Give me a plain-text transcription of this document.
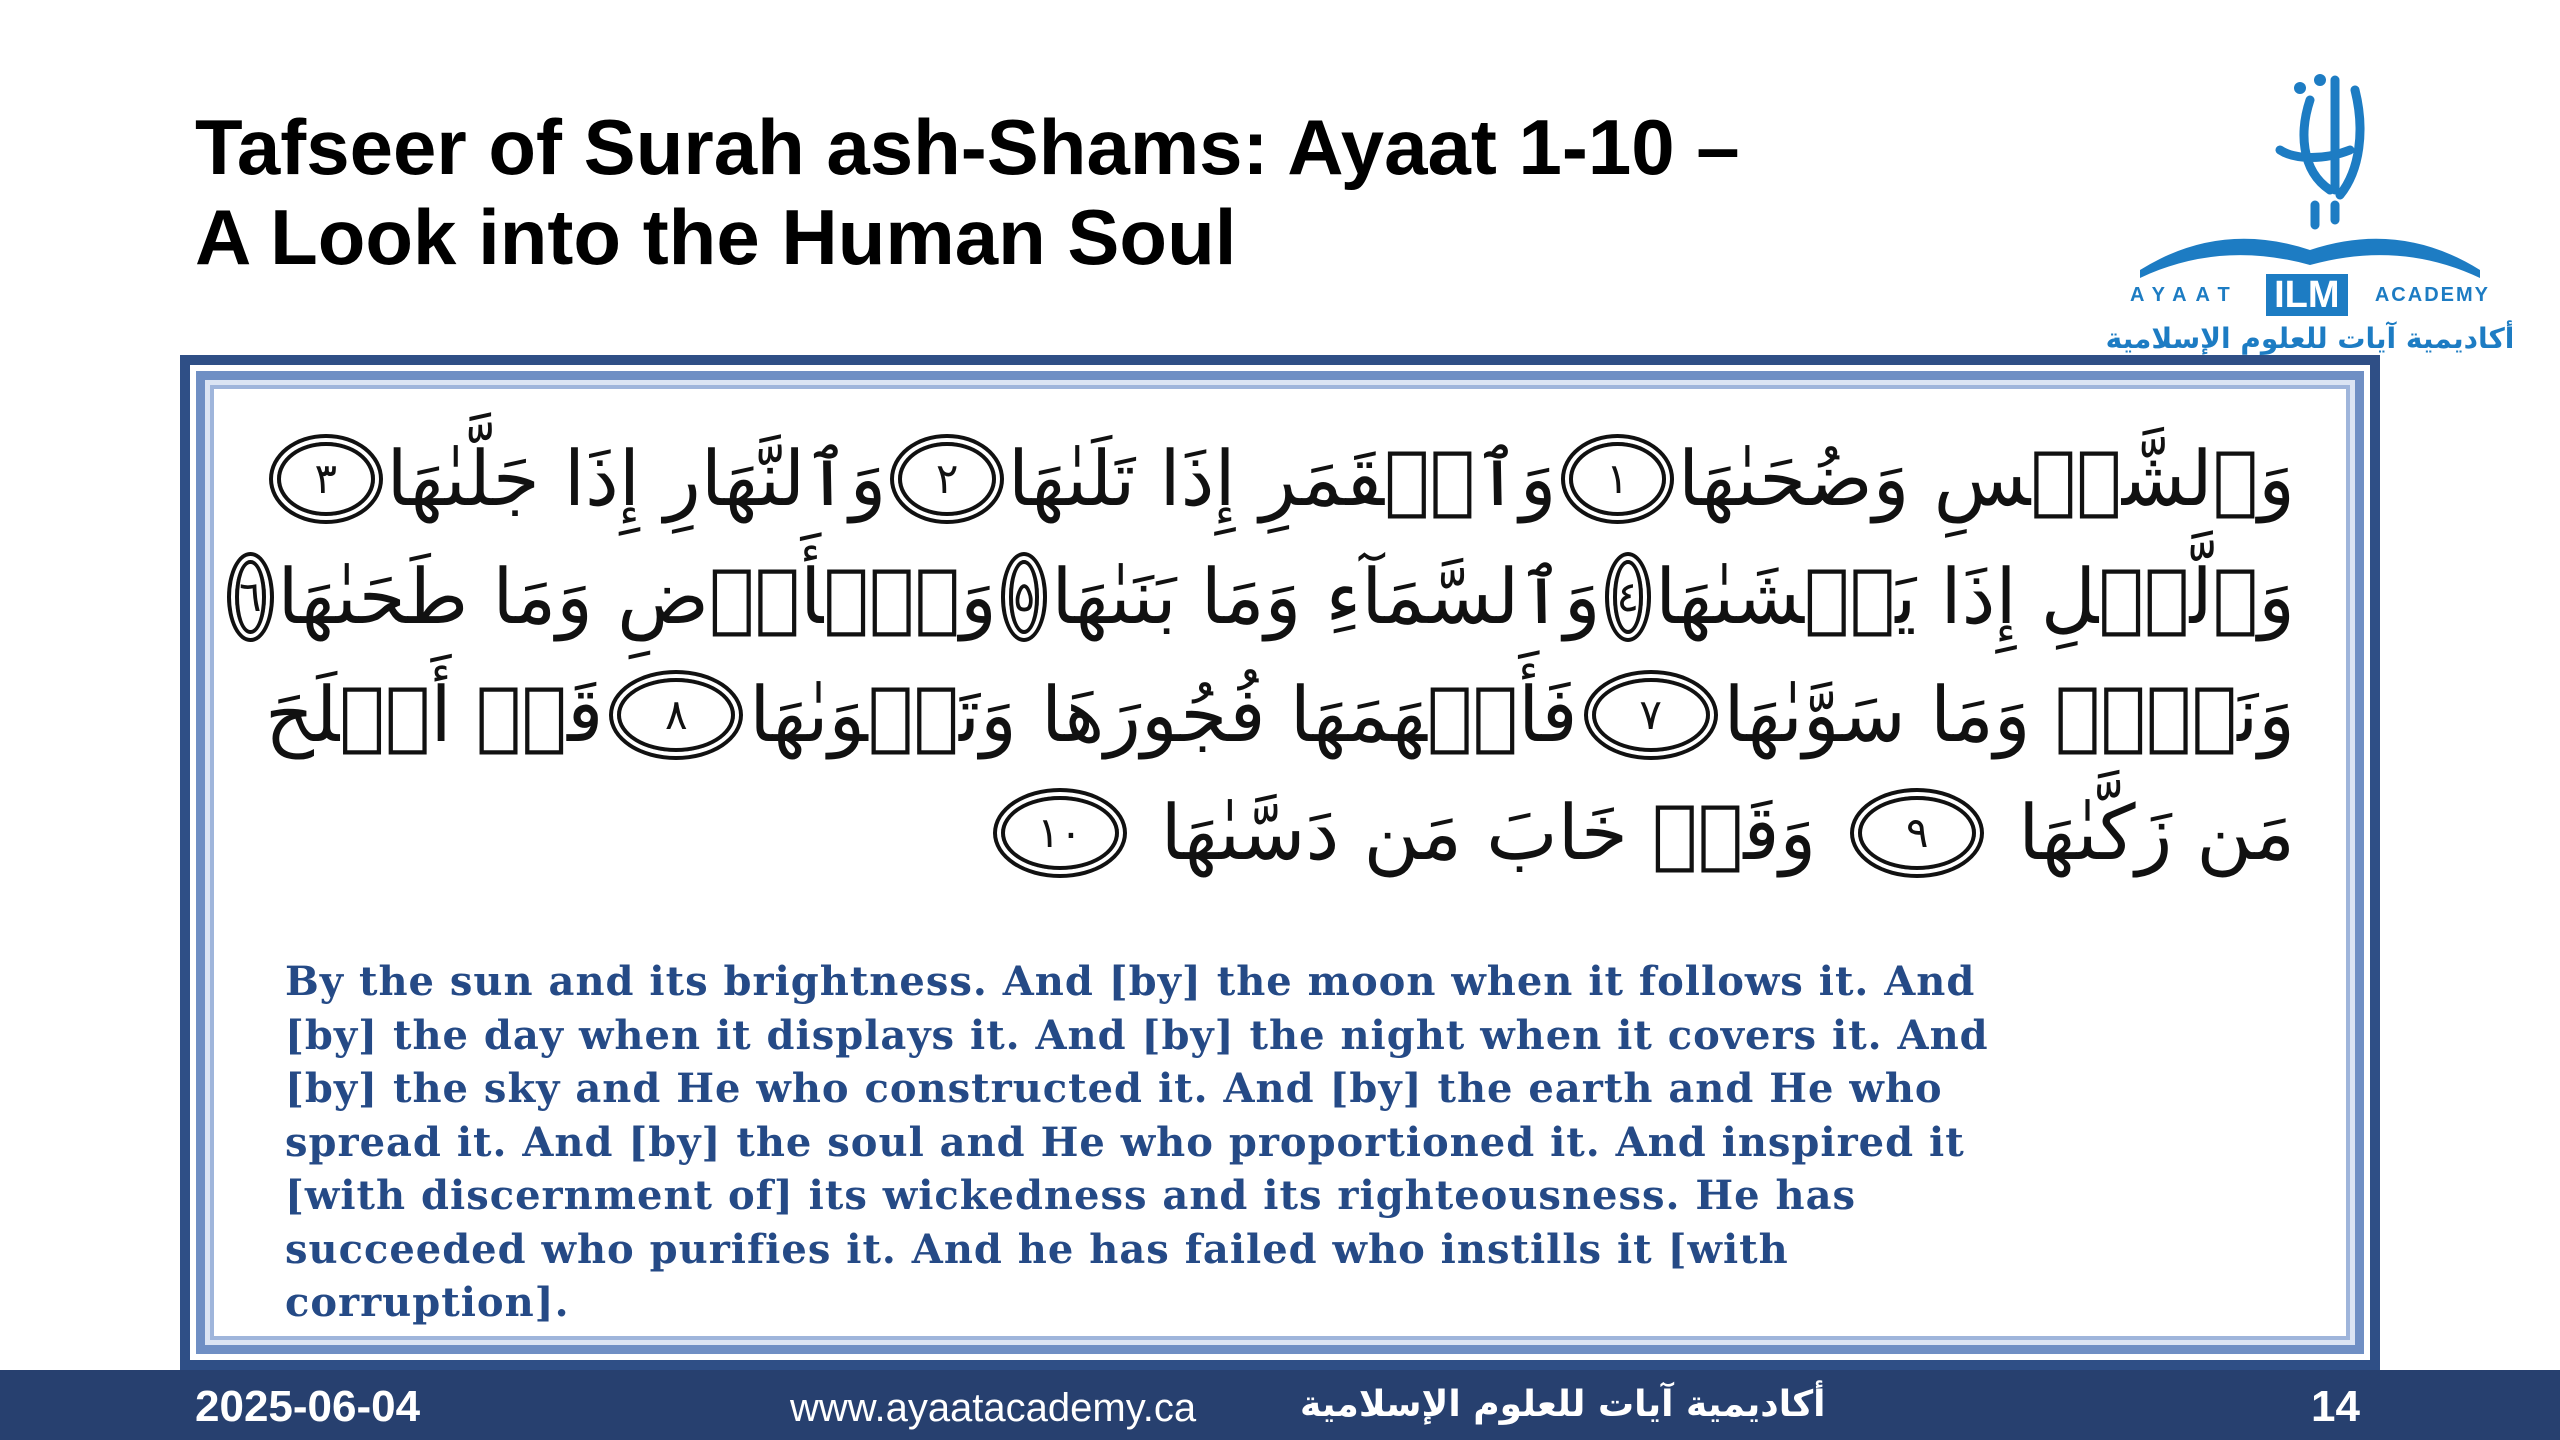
Tafseer of Surah ash-Shams: Ayaat 1-10 –
A Look into the Human Soul
AYAAT ILM	ACADEMY
أكاديمية آيات للعلوم الإسلامية
وَٱلشَّمۡسِ وَضُحَىٰهَا
١
وَٱلۡقَمَرِ إِذَا تَلَىٰهَا
٢
وَٱلنَّهَارِ إِذَا جَلَّىٰهَا
٣
وَٱلَّيۡلِ إِذَا يَغۡشَىٰهَا
٤
وَٱلسَّمَآءِ وَمَا بَنَىٰهَا
٥
وَٱلۡأَرۡضِ وَمَا طَحَىٰهَا
٦
وَنَفۡسٖ وَمَا سَوَّىٰهَا
٧
فَأَلۡهَمَهَا فُجُورَهَا وَتَقۡوَىٰهَا
٨
قَدۡ أَفۡلَحَ
مَن زَكَّىٰهَا
٩
وَقَدۡ خَابَ مَن دَسَّىٰهَا
١٠
By the sun and its brightness. And [by] the moon when it follows it. And
[by] the day when it displays it. And [by] the night when it covers it. And
[by] the sky and He who constructed it. And [by] the earth and He who
spread it. And [by] the soul and He who proportioned it. And inspired it
[with discernment of] its wickedness and its righteousness. He has
succeeded who purifies it. And he has failed who instills it [with
corruption].
2025-06-04	www.ayaatacademy.ca	أكاديمية آيات للعلوم الإسلامية	14
